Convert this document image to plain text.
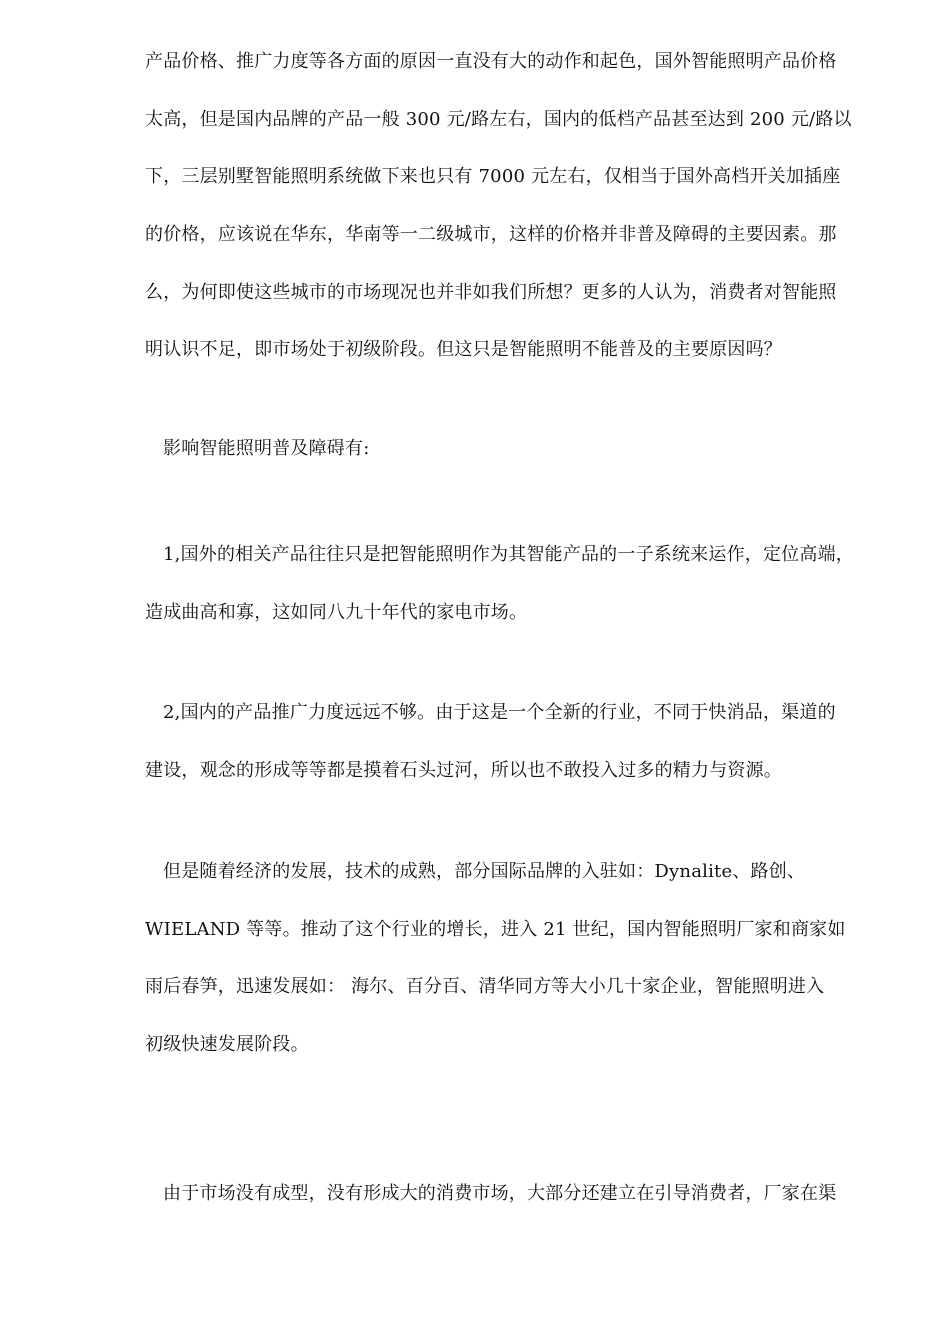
产品价格、推广力度等各方面的原因一直没有大的动作和起色，国外智能照明产品价格
太高，但是国内品牌的产品一般 300 元/路左右，国内的低档产品甚至达到 200 元/路以
下，三层别墅智能照明系统做下来也只有 7000 元左右，仅相当于国外高档开关加插座
的价格，应该说在华东，华南等一二级城市，这样的价格并非普及障碍的主要因素。那
么，为何即使这些城市的市场现况也并非如我们所想？更多的人认为，消费者对智能照
明认识不足，即市场处于初级阶段。但这只是智能照明不能普及的主要原因吗？
影响智能照明普及障碍有:
1,国外的相关产品往往只是把智能照明作为其智能产品的一子系统来运作，定位高端，
造成曲高和寡，这如同八九十年代的家电市场。
2,国内的产品推广力度远远不够。由于这是一个全新的行业，不同于快消品，渠道的
建设，观念的形成等等都是摸着石头过河，所以也不敢投入过多的精力与资源。
但是随着经济的发展，技术的成熟，部分国际品牌的入驻如：Dynalite、路创、
WIELAND 等等。推动了这个行业的增长，进入 21 世纪，国内智能照明厂家和商家如
雨后春笋，迅速发展如： 海尔、百分百、清华同方等大小几十家企业，智能照明进入
初级快速发展阶段。
由于市场没有成型，没有形成大的消费市场，大部分还建立在引导消费者，厂家在渠
